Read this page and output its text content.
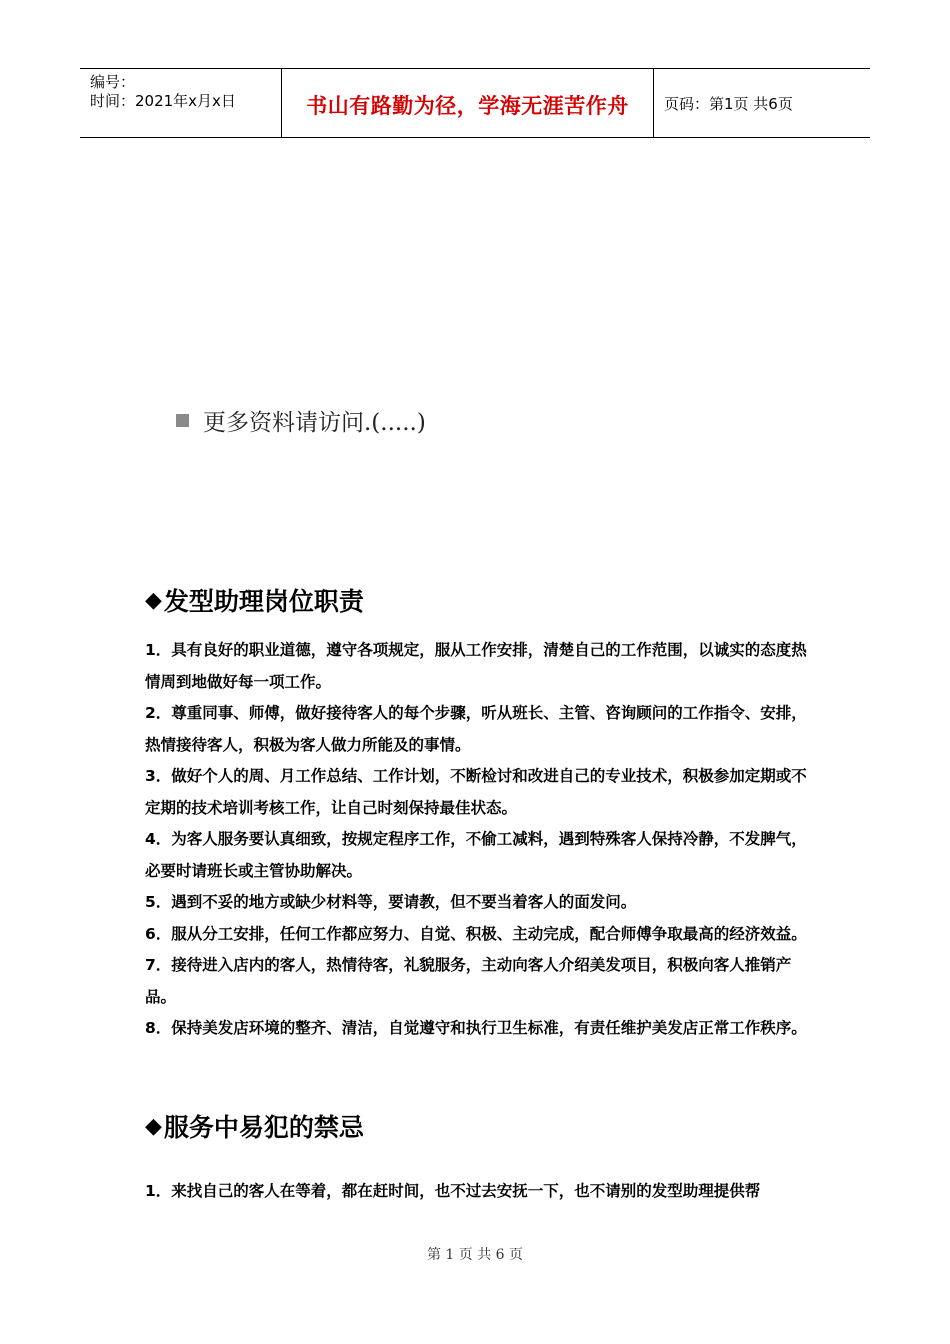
编号：
时间：2021年x月x日	书山有路勤为径，学海无涯苦作舟 页码：第1页 共6页
更多资料请访问.(.....)
◆ 发型助理岗位职责

1．具有良好的职业道德，遵守各项规定，服从工作安排，清楚自己的工作范围，以诚实的态度热情周到地做好每一项工作。

2．尊重同事、师傅，做好接待客人的每个步骤，听从班长、主管、咨询顾问的工作指令、安排，热情接待客人，积极为客人做力所能及的事情。

3．做好个人的周、月工作总结、工作计划，不断检讨和改进自己的专业技术，积极参加定期或不定期的技术培训考核工作，让自己时刻保持最佳状态。

4．为客人服务要认真细致，按规定程序工作，不偷工减料，遇到特殊客人保持冷静，不发脾气，必要时请班长或主管协助解决。

5．遇到不妥的地方或缺少材料等，要请教，但不要当着客人的面发问。

6．服从分工安排，任何工作都应努力、自觉、积极、主动完成，配合师傅争取最高的经济效益。

7．接待进入店内的客人，热情待客，礼貌服务，主动向客人介绍美发项目，积极向客人推销产品。

8．保持美发店环境的整齐、清洁，自觉遵守和执行卫生标准，有责任维护美发店正常工作秩序。

◆ 服务中易犯的禁忌

1．来找自己的客人在等着，都在赶时间，也不过去安抚一下，也不请别的发型助理提供帮

第 1 页 共 6 页
